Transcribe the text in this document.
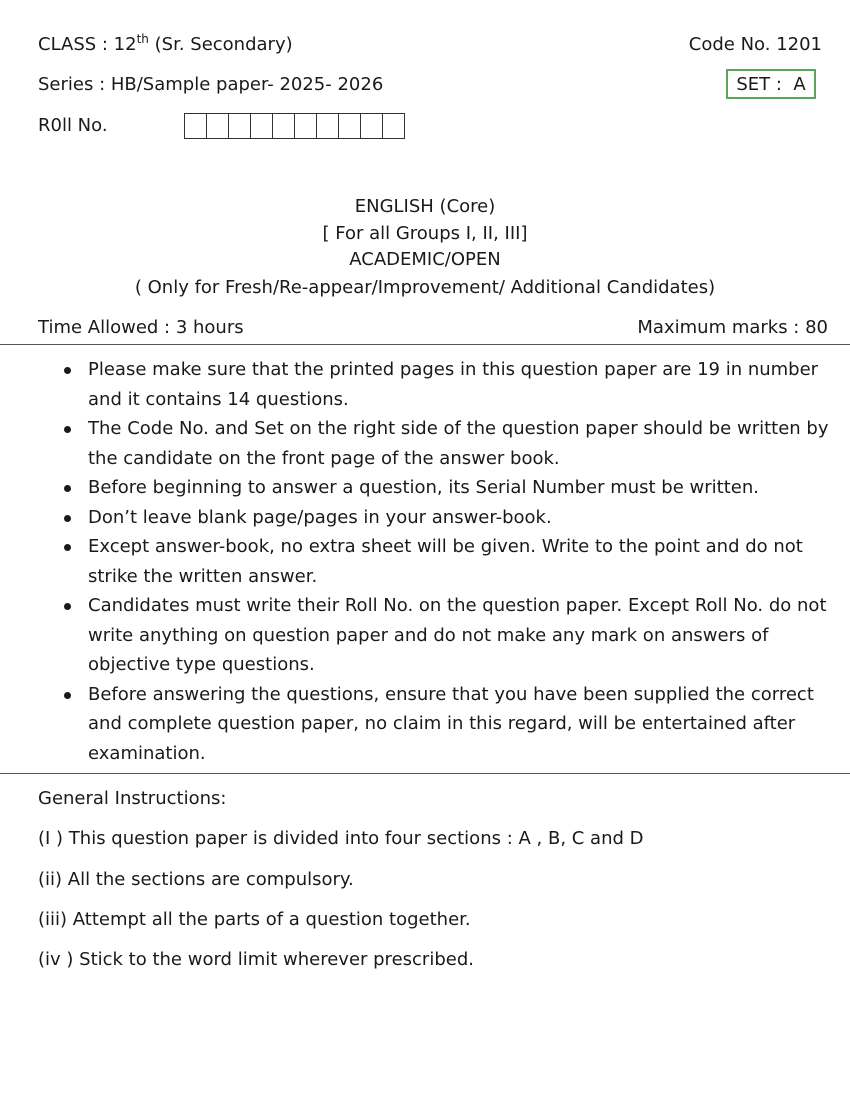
CLASS : 12th (Sr. Secondary)	Code No. 1201
Series : HB/Sample paper- 2025- 2026	SET :  A
R0ll No.
ENGLISH (Core)
[ For all Groups I, II, III]
ACADEMIC/OPEN
( Only for Fresh/Re-appear/Improvement/ Additional Candidates)
Time Allowed : 3 hours	Maximum marks : 80
Please make sure that the printed pages in this question paper are 19 in number and it contains 14 questions.
The Code No. and Set on the right side of the question paper should be written by the candidate on the front page of the answer book.
Before beginning to answer a question, its Serial Number must be written.
Don’t leave blank page/pages in your answer-book.
Except answer-book, no extra sheet will be given. Write to the point and do not strike the written answer.
Candidates must write their Roll No. on the question paper. Except Roll No. do not write anything on question paper and do not make any mark on answers of objective type questions.
Before answering the questions, ensure that you have been supplied the correct and complete question paper, no claim in this regard, will be entertained after examination.
General Instructions:
(I ) This question paper is divided into four sections : A , B, C and D
(ii) All the sections are compulsory.
(iii) Attempt all the parts of a question together.
(iv ) Stick to the word limit wherever prescribed.
